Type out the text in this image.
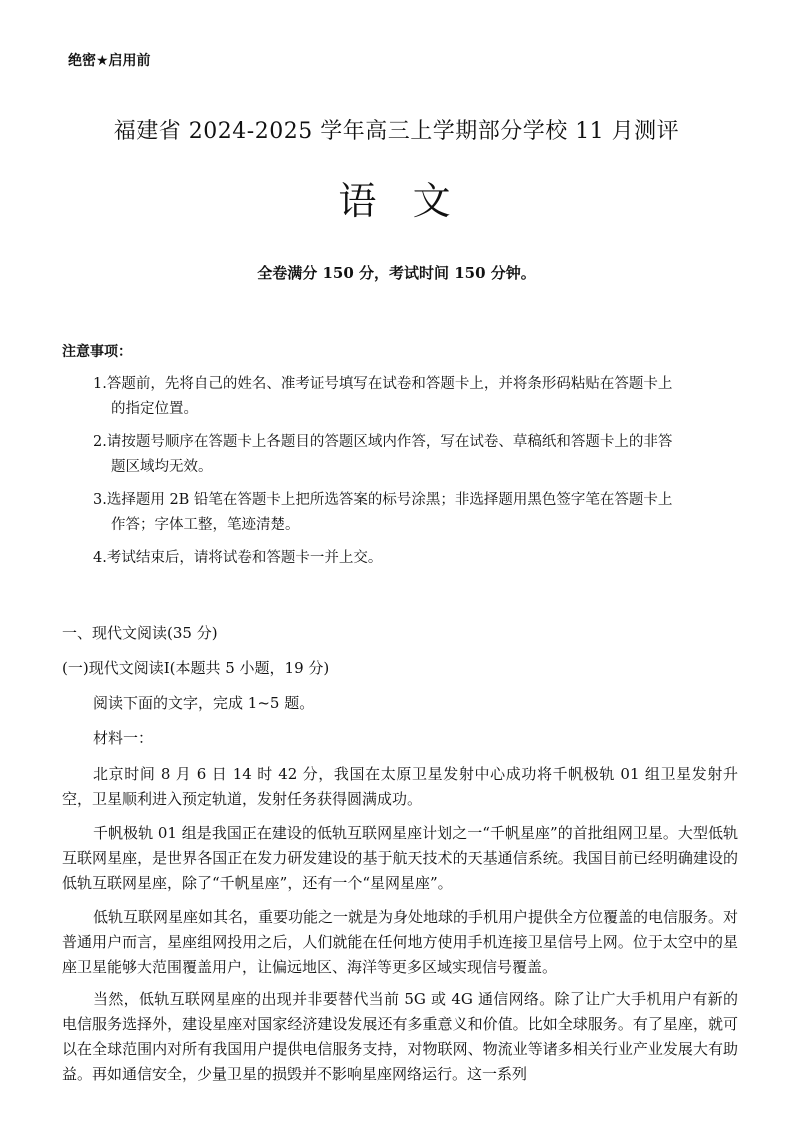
绝密★启用前
福建省 2024-2025 学年高三上学期部分学校 11 月测评
语  文
全卷满分 150 分，考试时间 150 分钟。
注意事项：
1.答题前，先将自己的姓名、准考证号填写在试卷和答题卡上，并将条形码粘贴在答题卡上
的指定位置。
2.请按题号顺序在答题卡上各题目的答题区域内作答，写在试卷、草稿纸和答题卡上的非答
题区域均无效。
3.选择题用 2B 铅笔在答题卡上把所选答案的标号涂黑；非选择题用黑色签字笔在答题卡上
作答；字体工整，笔迹清楚。
4.考试结束后，请将试卷和答题卡一并上交。
一、现代文阅读(35 分)
(一)现代文阅读Ⅰ(本题共 5 小题，19 分)
阅读下面的文字，完成 1~5 题。
材料一：
北京时间 8 月 6 日 14 时 42 分，我国在太原卫星发射中心成功将千帆极轨 01 组卫星发射升空，卫星顺利进入预定轨道，发射任务获得圆满成功。
千帆极轨 01 组是我国正在建设的低轨互联网星座计划之一“千帆星座”的首批组网卫星。大型低轨互联网星座，是世界各国正在发力研发建设的基于航天技术的天基通信系统。我国目前已经明确建设的低轨互联网星座，除了“千帆星座”，还有一个“星网星座”。
低轨互联网星座如其名，重要功能之一就是为身处地球的手机用户提供全方位覆盖的电信服务。对普通用户而言，星座组网投用之后，人们就能在任何地方使用手机连接卫星信号上网。位于太空中的星座卫星能够大范围覆盖用户，让偏远地区、海洋等更多区域实现信号覆盖。
当然，低轨互联网星座的出现并非要替代当前 5G 或 4G 通信网络。除了让广大手机用户有新的电信服务选择外，建设星座对国家经济建设发展还有多重意义和价值。比如全球服务。有了星座，就可以在全球范围内对所有我国用户提供电信服务支持，对物联网、物流业等诸多相关行业产业发展大有助益。再如通信安全，少量卫星的损毁并不影响星座网络运行。这一系列
